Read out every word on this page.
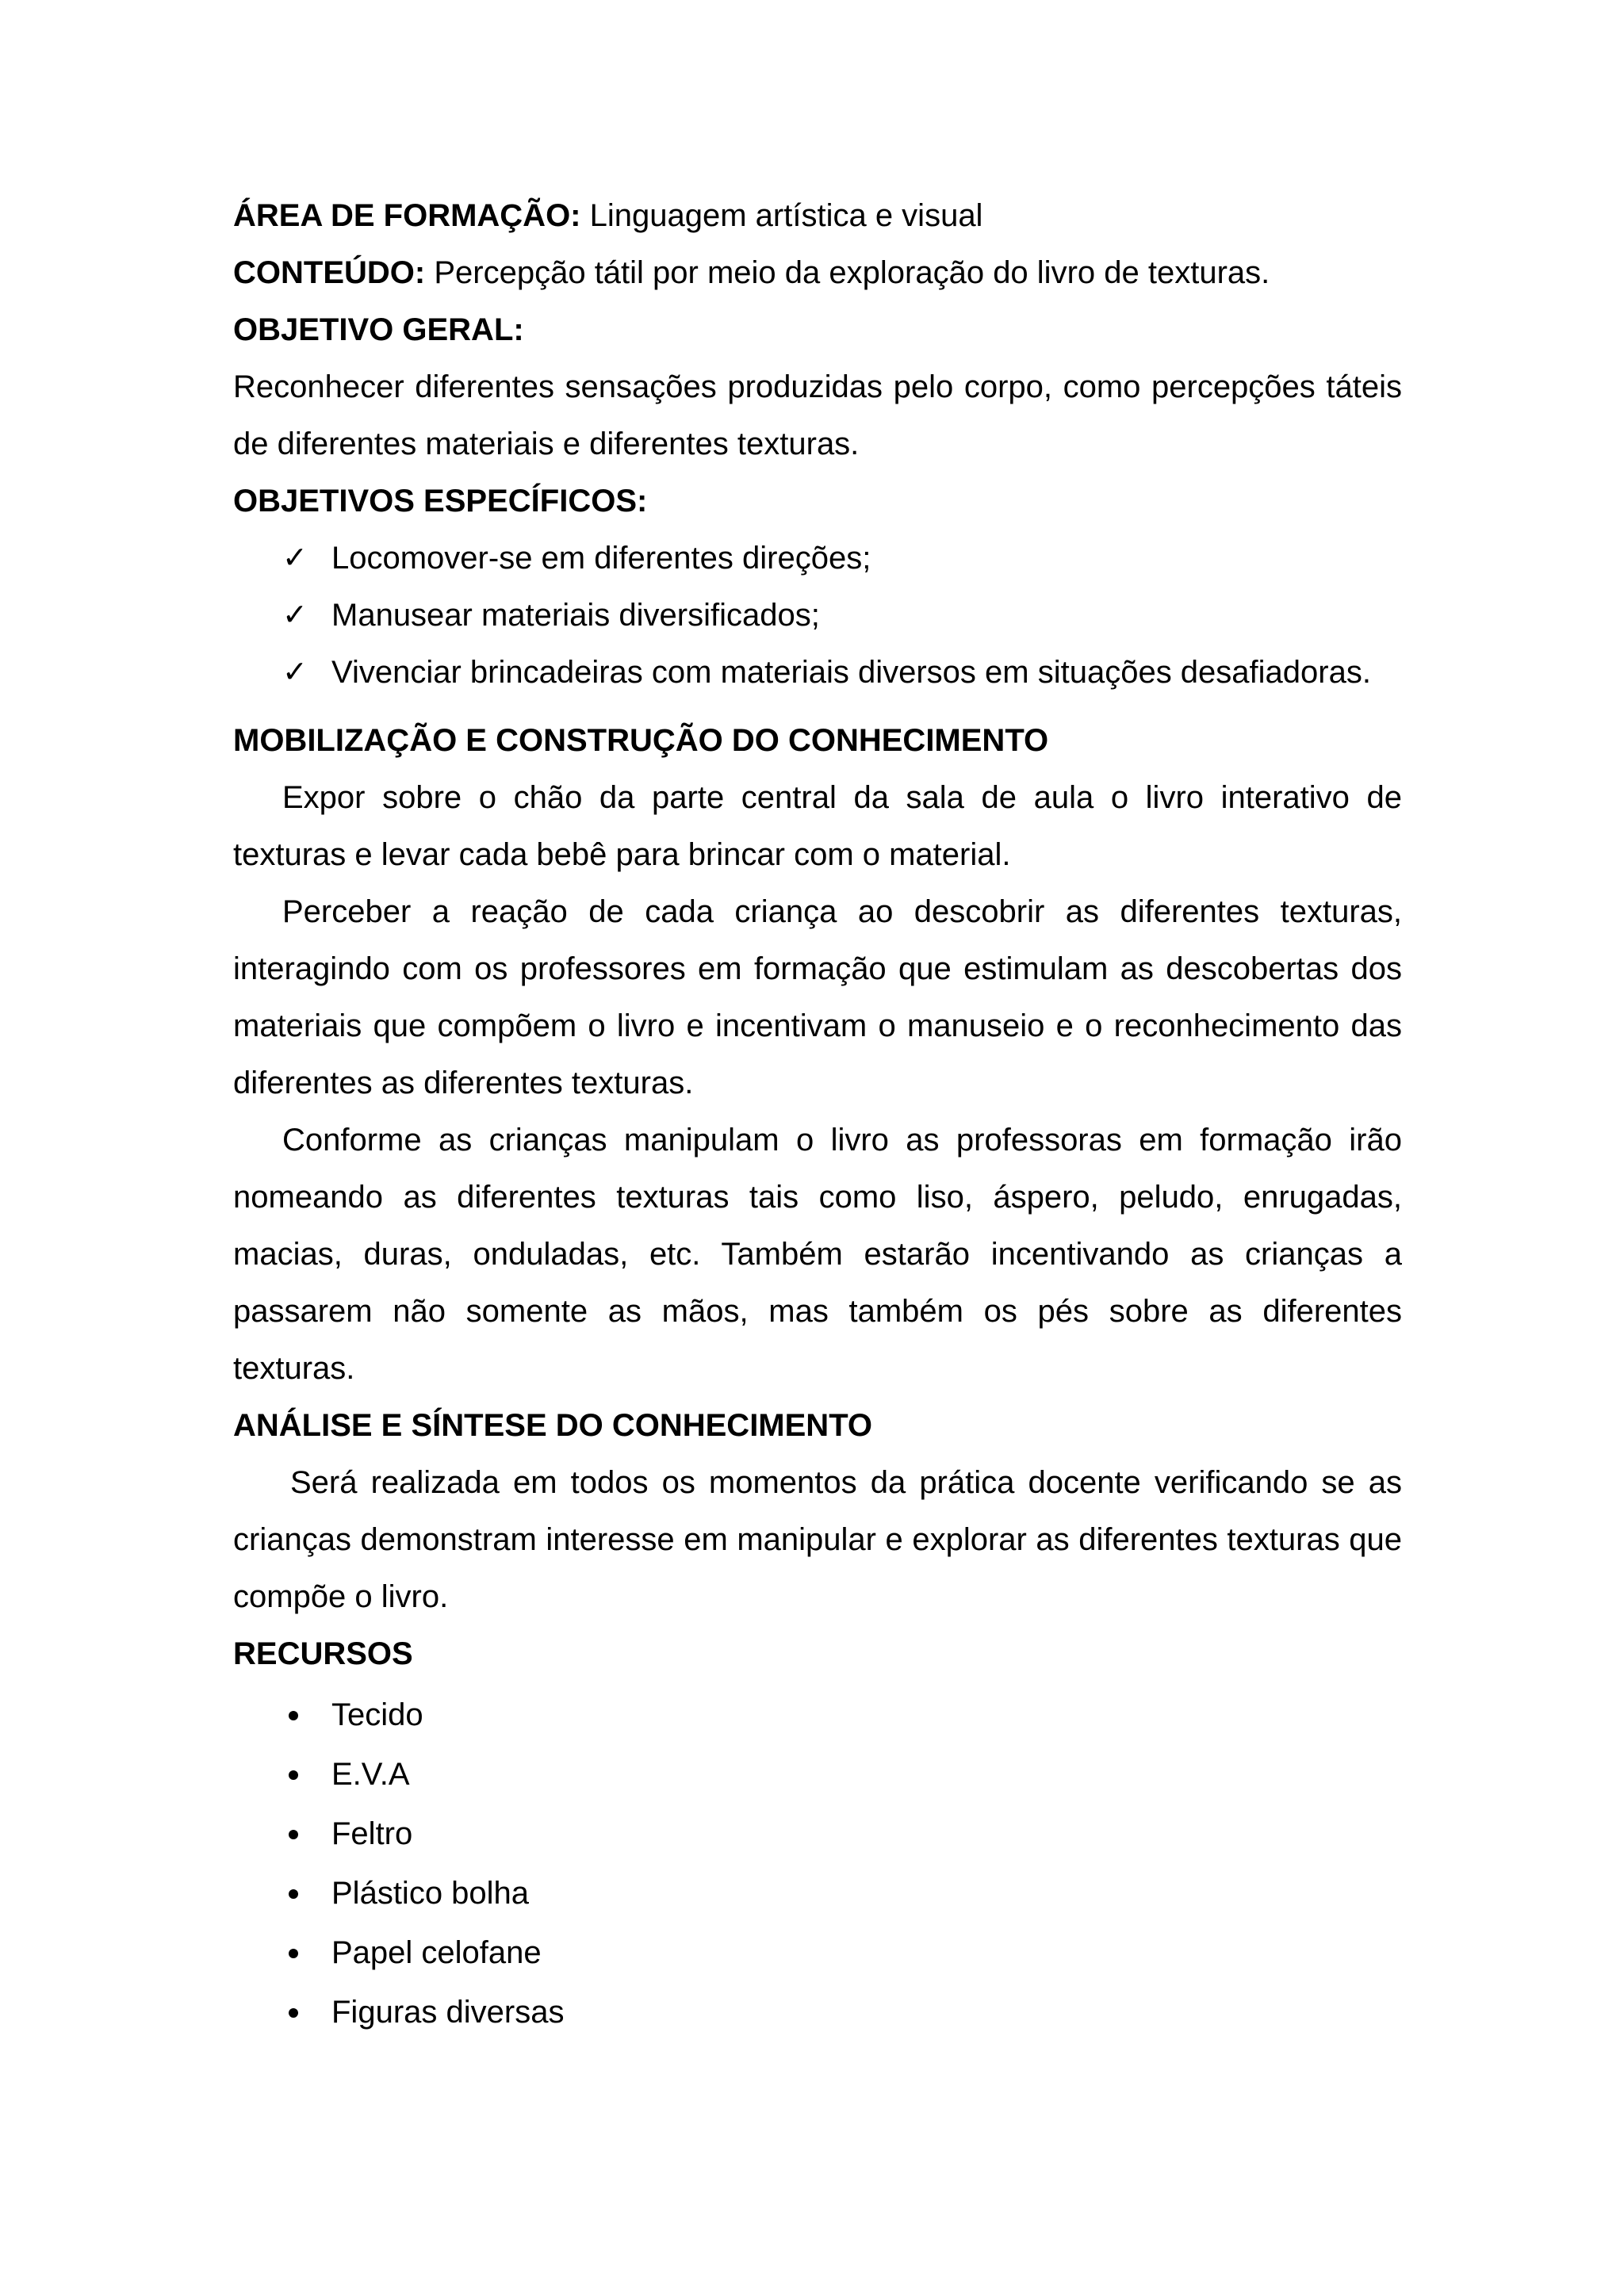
ÁREA DE FORMAÇÃO: Linguagem artística e visual

CONTEÚDO: Percepção tátil por meio da exploração do livro de texturas.

OBJETIVO GERAL:

Reconhecer diferentes sensações produzidas pelo corpo, como percepções táteis de diferentes materiais e diferentes texturas.

OBJETIVOS ESPECÍFICOS:

✓ Locomover-se em diferentes direções;
✓ Manusear materiais diversificados;
✓ Vivenciar brincadeiras com materiais diversos em situações desafiadoras.

MOBILIZAÇÃO E CONSTRUÇÃO DO CONHECIMENTO

Expor sobre o chão da parte central da sala de aula o livro interativo de texturas e levar cada bebê para brincar com o material.

Perceber a reação de cada criança ao descobrir as diferentes texturas, interagindo com os professores em formação que estimulam as descobertas dos materiais que compõem o livro e incentivam o manuseio e o reconhecimento das diferentes as diferentes texturas.

Conforme as crianças manipulam o livro as professoras em formação irão nomeando as diferentes texturas tais como liso, áspero, peludo, enrugadas, macias, duras, onduladas, etc. Também estarão incentivando as crianças a passarem não somente as mãos, mas também os pés sobre as diferentes texturas.

ANÁLISE E SÍNTESE DO CONHECIMENTO

Será realizada em todos os momentos da prática docente verificando se as crianças demonstram interesse em manipular e explorar as diferentes texturas que compõe o livro.

RECURSOS

Tecido
E.V.A
Feltro
Plástico bolha
Papel celofane
Figuras diversas
